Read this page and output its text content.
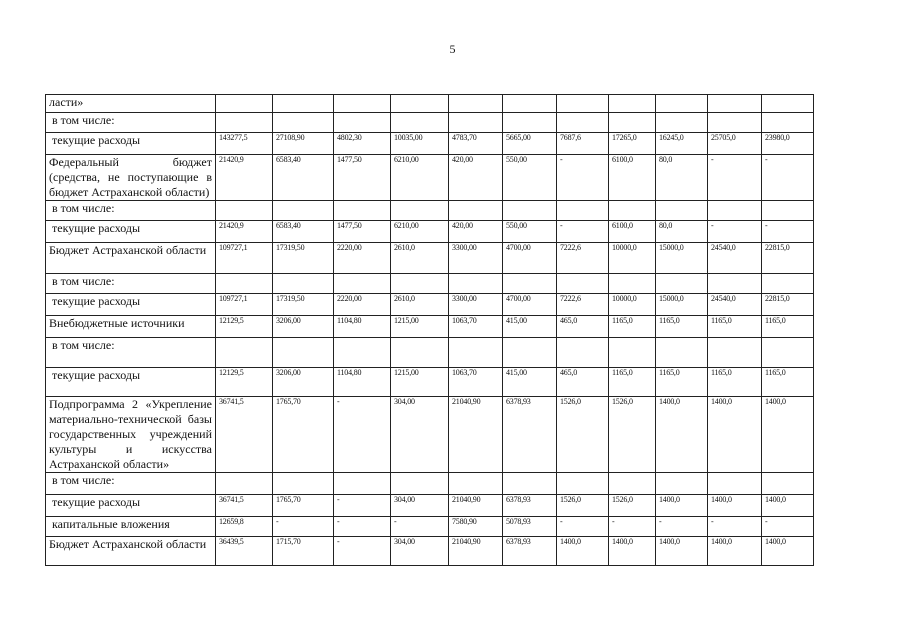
5
ласти»											
в том числе:											
текущие расходы	143277,5	27108,90	4802,30	10035,00	4783,70	5665,00	7687,6	17265,0	16245,0	25705,0	23980,0
Федеральный бюджет (средства, не поступающие в бюджет Астраханской области)	21420,9	6583,40	1477,50	6210,00	420,00	550,00	-	6100,0	80,0	-	-
в том числе:											
текущие расходы	21420,9	6583,40	1477,50	6210,00	420,00	550,00	-	6100,0	80,0	-	-
Бюджет Астраханской области	109727,1	17319,50	2220,00	2610,0	3300,00	4700,00	7222,6	10000,0	15000,0	24540,0	22815,0
в том числе:											
текущие расходы	109727,1	17319,50	2220,00	2610,0	3300,00	4700,00	7222,6	10000,0	15000,0	24540,0	22815,0
Внебюджетные источники	12129,5	3206,00	1104,80	1215,00	1063,70	415,00	465,0	1165,0	1165,0	1165,0	1165,0
в том числе:											
текущие расходы	12129,5	3206,00	1104,80	1215,00	1063,70	415,00	465,0	1165,0	1165,0	1165,0	1165,0
Подпрограмма 2 «Укрепление материально-технической базы государственных учреждений культуры и искусства Астраханской области»	36741,5	1765,70	-	304,00	21040,90	6378,93	1526,0	1526,0	1400,0	1400,0	1400,0
в том числе:											
текущие расходы	36741,5	1765,70	-	304,00	21040,90	6378,93	1526,0	1526,0	1400,0	1400,0	1400,0
капитальные вложения	12659,8	-	-	-	7580,90	5078,93	-	-	-	-	-
Бюджет Астраханской области	36439,5	1715,70	-	304,00	21040,90	6378,93	1400,0	1400,0	1400,0	1400,0	1400,0
